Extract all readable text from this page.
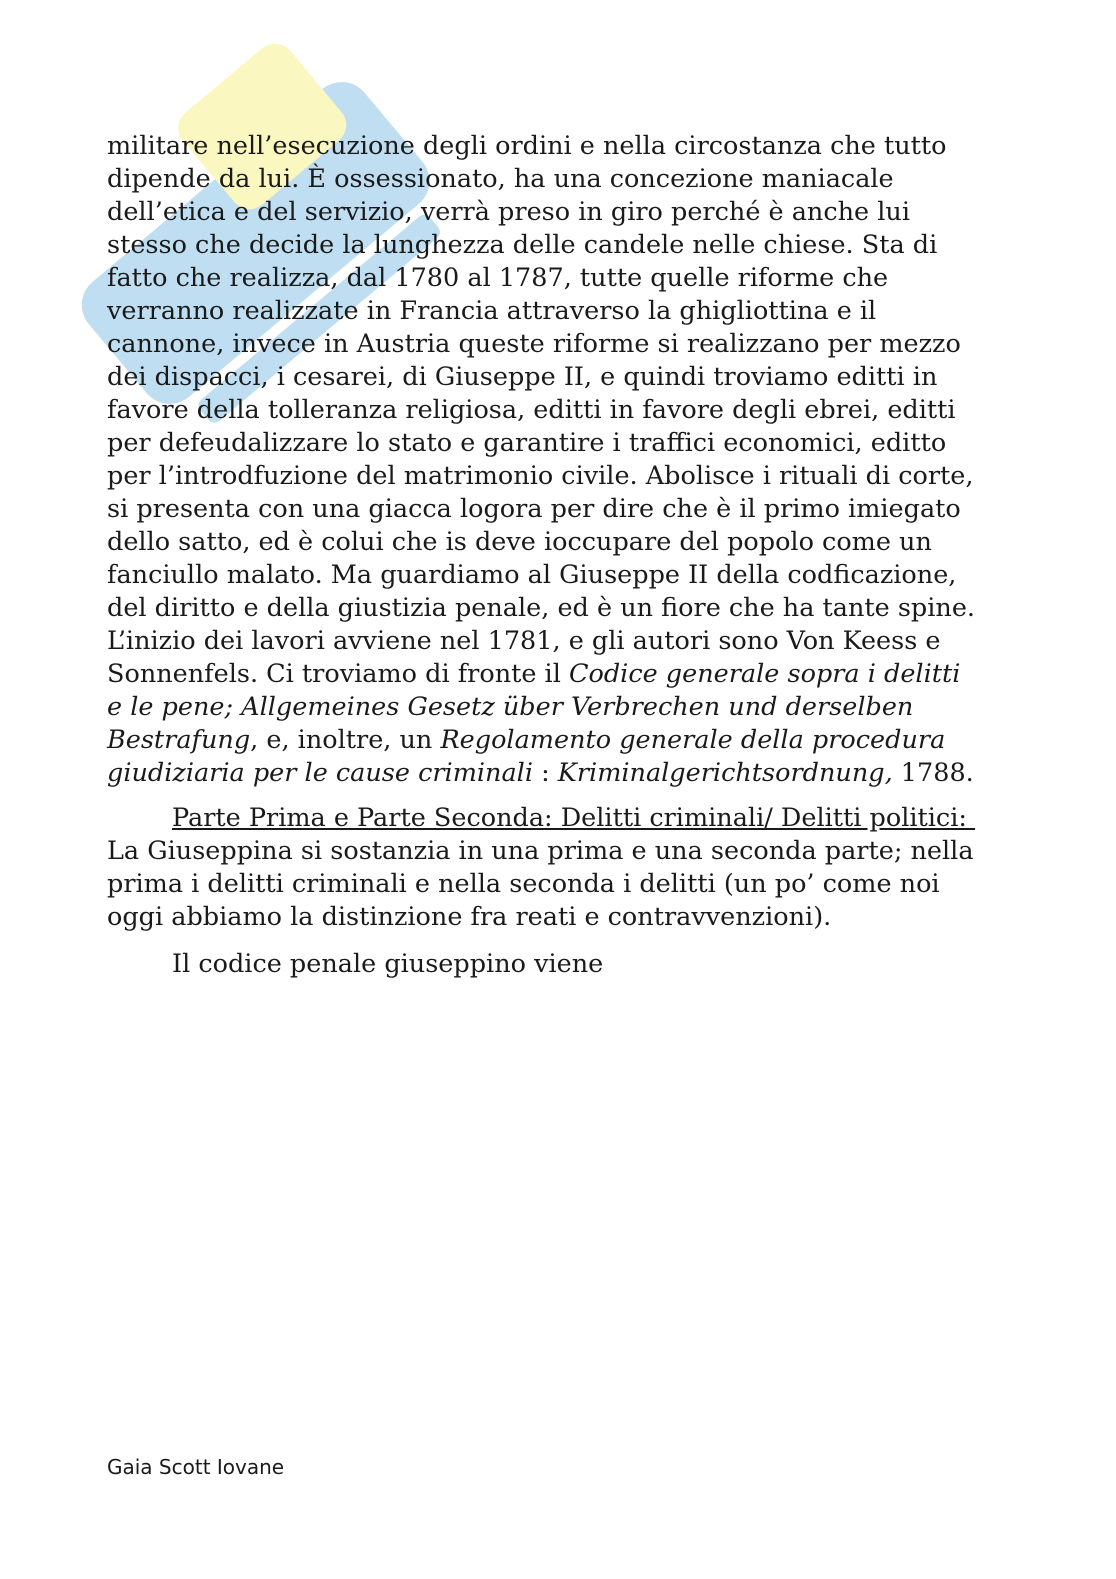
militare nell’esecuzione degli ordini e nella circostanza che tutto
dipende da lui. È ossessionato, ha una concezione maniacale
dell’etica e del servizio, verrà preso in giro perché è anche lui
stesso che decide la lunghezza delle candele nelle chiese. Sta di
fatto che realizza, dal 1780 al 1787, tutte quelle riforme che
verranno realizzate in Francia attraverso la ghigliottina e il
cannone, invece in Austria queste riforme si realizzano per mezzo
dei dispacci, i cesarei, di Giuseppe II, e quindi troviamo editti in
favore della tolleranza religiosa, editti in favore degli ebrei, editti
per defeudalizzare lo stato e garantire i traffici economici, editto
per l’introdfuzione del matrimonio civile. Abolisce i rituali di corte,
si presenta con una giacca logora per dire che è il primo imiegato
dello satto, ed è colui che is deve ioccupare del popolo come un
fanciullo malato. Ma guardiamo al Giuseppe II della codficazione,
del diritto e della giustizia penale, ed è un fiore che ha tante spine.
L’inizio dei lavori avviene nel 1781, e gli autori sono Von Keess e
Sonnenfels. Ci troviamo di fronte il Codice generale sopra i delitti
e le pene; Allgemeines Gesetz über Verbrechen und derselben
Bestrafung, e, inoltre, un Regolamento generale della procedura
giudiziaria per le cause criminali : Kriminalgerichtsordnung, 1788.

Parte Prima e Parte Seconda: Delitti criminali/ Delitti politici:
La Giuseppina si sostanzia in una prima e una seconda parte; nella
prima i delitti criminali e nella seconda i delitti (un po’ come noi
oggi abbiamo la distinzione fra reati e contravvenzioni).

Il codice penale giuseppino viene

Gaia Scott Iovane
